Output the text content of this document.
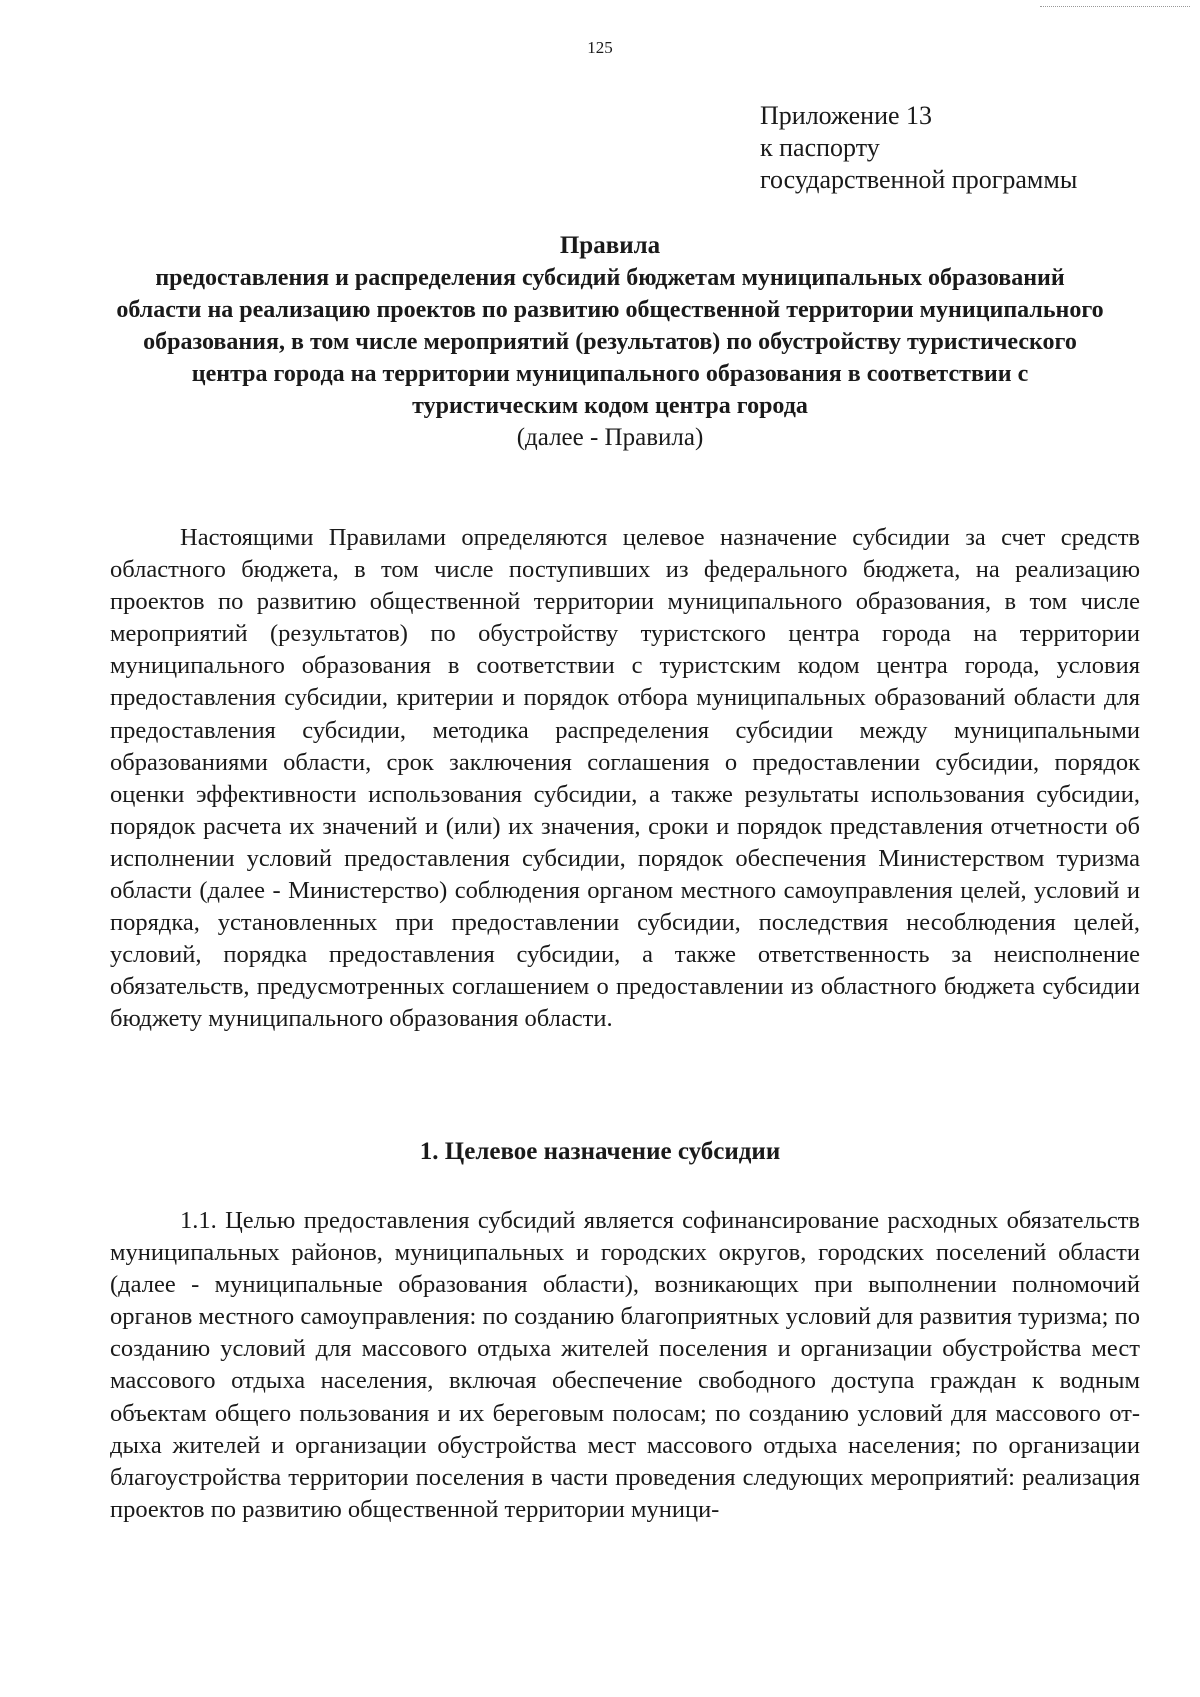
125
Приложение 13
к паспорту
государственной программы
Правила
предоставления и распределения субсидий бюджетам муниципальных образований области на реализацию проектов по развитию общественной территории муниципального образования, в том числе мероприятий (результатов) по обустройству туристического центра города на территории муниципального образования в соответствии с туристическим кодом центра города
(далее - Правила)

Настоящими Правилами определяются целевое назначение субсидии за счет средств областного бюджета, в том числе поступивших из федерального бюджета, на реализацию проектов по развитию общественной территории муниципального образования, в том числе мероприятий (результатов) по обустройству туристского центра города на территории муниципального образования в соответствии с туристским кодом центра города, условия предоставления субсидии, критерии и порядок отбора муниципальных образований области для предоставления субсидии, методика распределения субсидии между муниципальными образованиями области, срок заключения соглашения о предоставлении субсидии, порядок оценки эффективности использования субсидии, а также результаты использования субсидии, порядок расчета их значений и (или) их значения, сроки и порядок представления отчетности об исполнении условий предоставления субсидии, порядок обеспечения Министерством туризма области (далее - Министерство) соблюдения органом местного самоуправления целей, условий и порядка, установленных при предоставлении субсидии, последствия несоблюдения целей, условий, порядка предоставления субсидии, а также ответственность за неисполнение обязательств, предусмотренных соглашением о предоставлении из областного бюджета субсидии бюджету муниципального образования области.

1. Целевое назначение субсидии

1.1. Целью предоставления субсидий является софинансирование расходных обязательств муниципальных районов, муниципальных и городских округов, городских поселений области (далее - муниципальные образования области), возникающих при выполнении полномочий органов местного самоуправления: по созданию благоприятных условий для развития туризма; по созданию условий для массового отдыха жителей поселения и организации обустройства мест массового отдыха населения, включая обеспечение свободного доступа граждан к водным объектам общего пользования и их береговым полосам; по созданию условий для массового отдыха жителей и организации обустройства мест массового отдыха населения; по организации благоустройства территории поселения в части проведения следующих мероприятий: реализация проектов по развитию общественной территории муници-
